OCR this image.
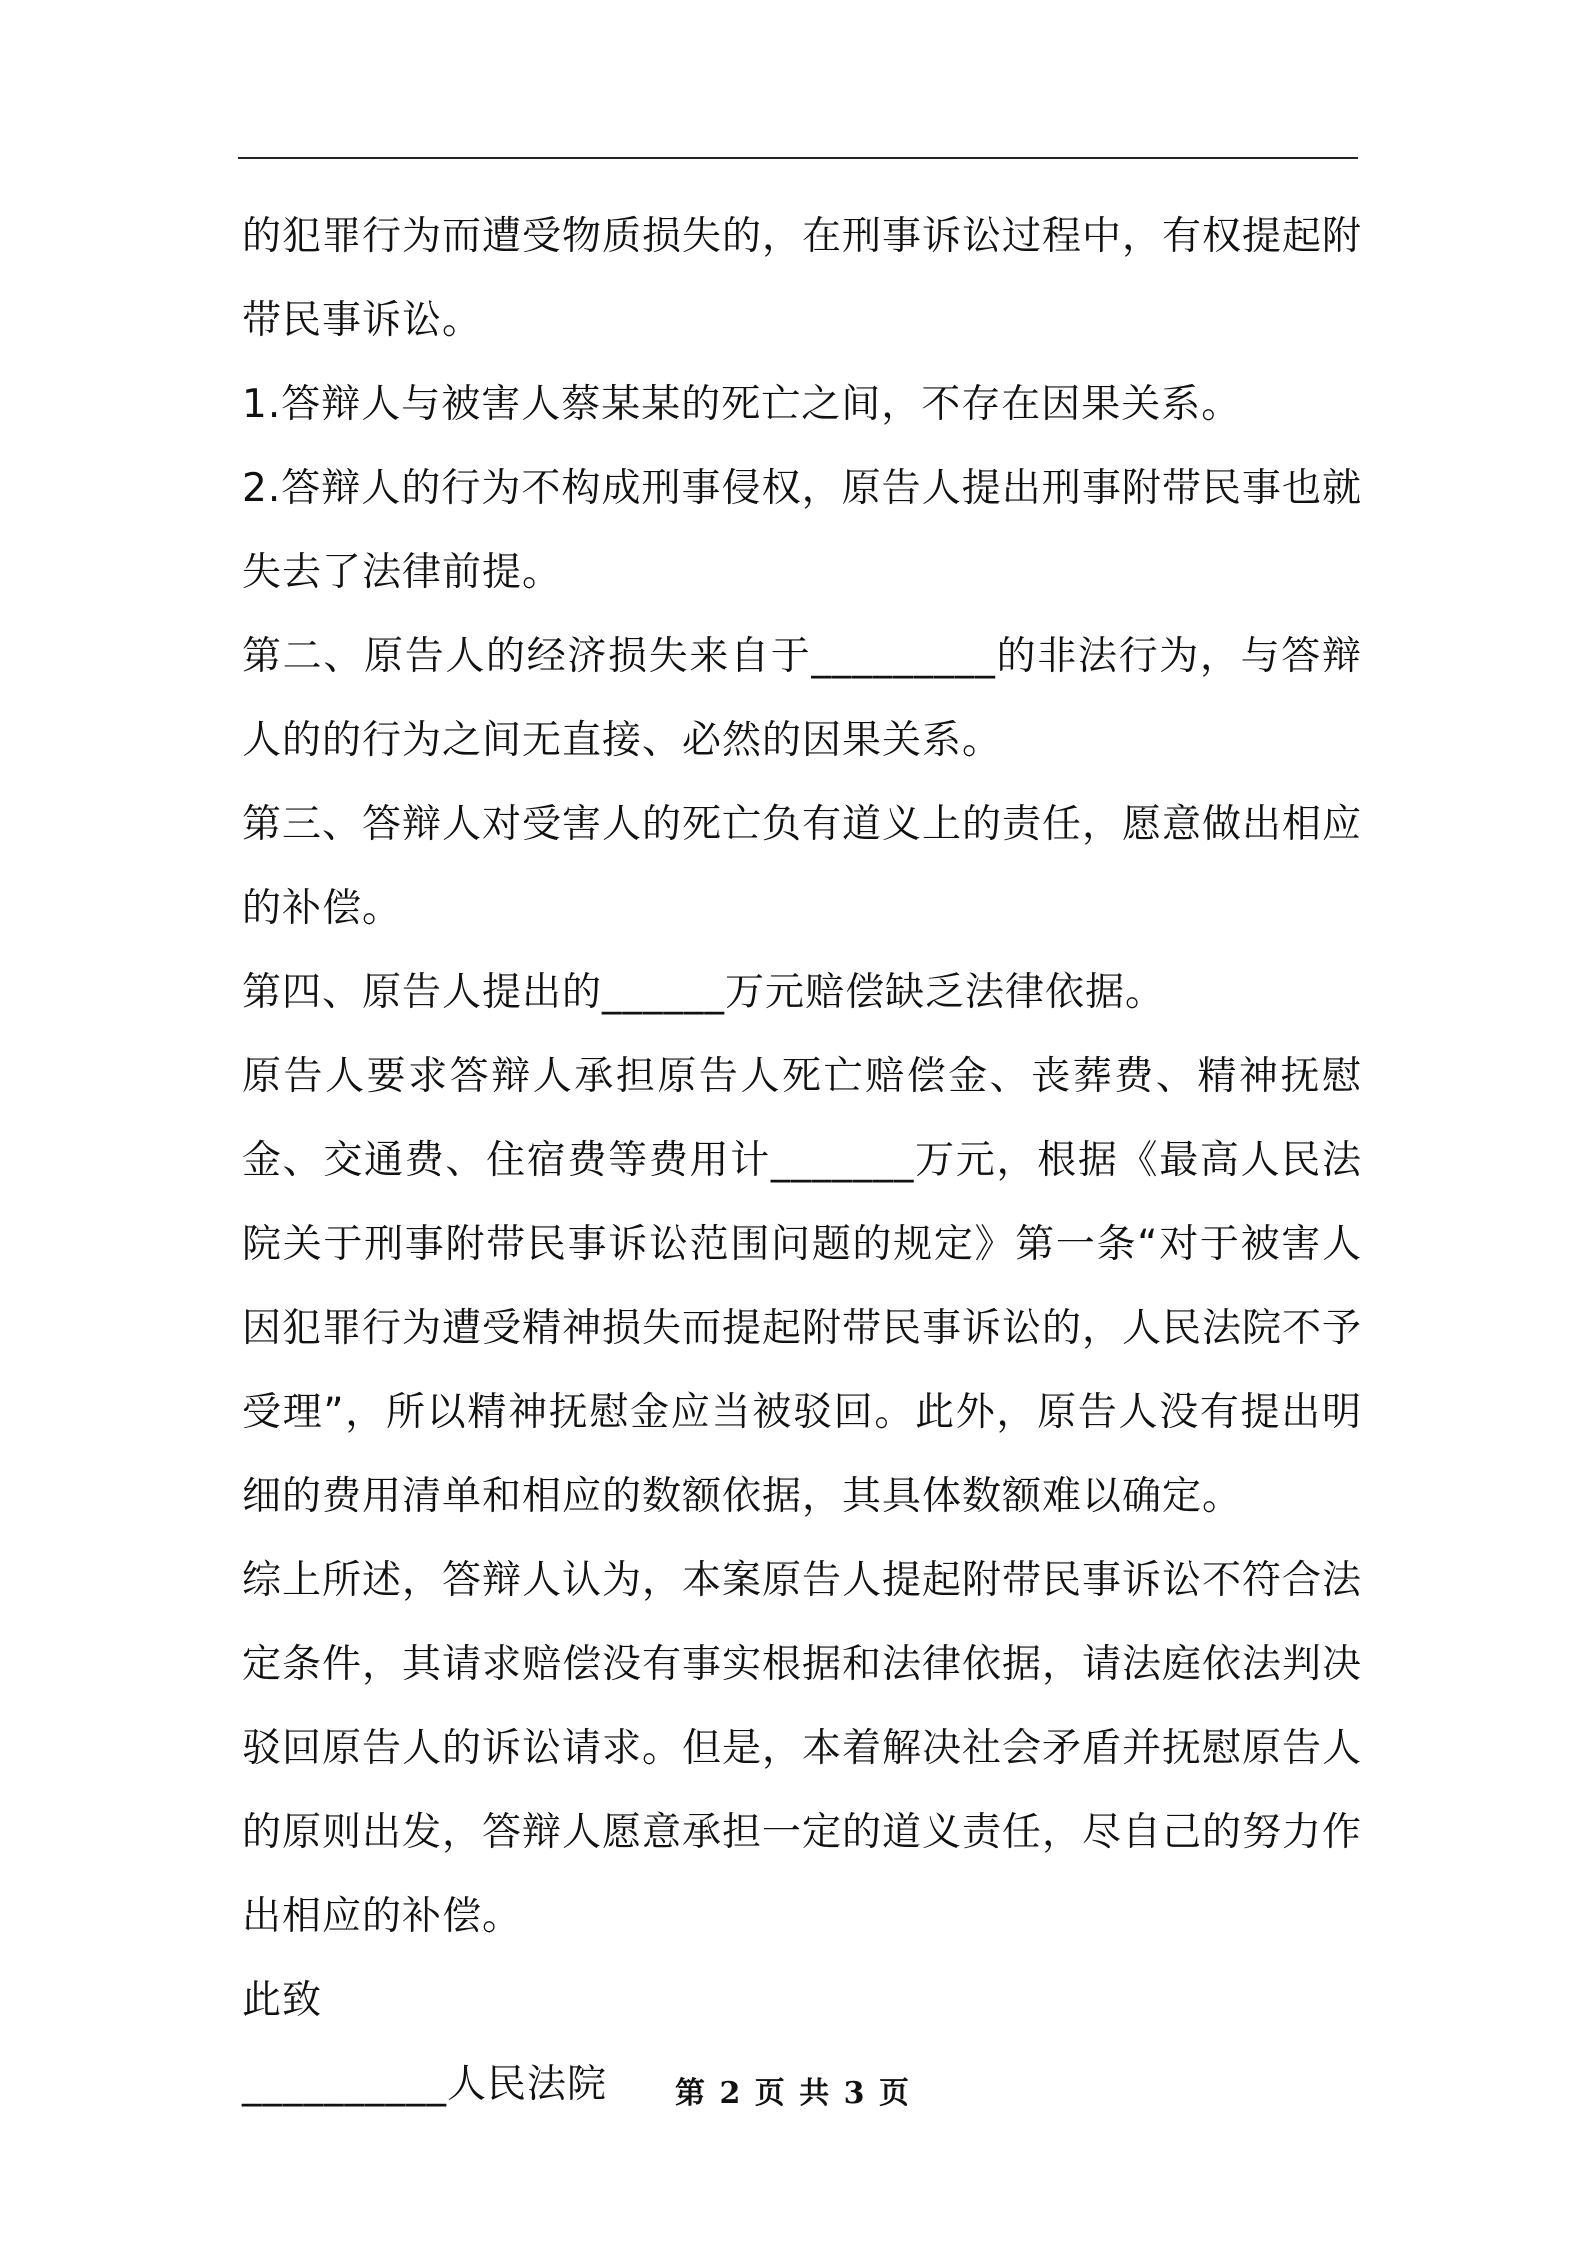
的犯罪行为而遭受物质损失的，在刑事诉讼过程中，有权提起附带民事诉讼。

1.答辩人与被害人蔡某某的死亡之间，不存在因果关系。

2.答辩人的行为不构成刑事侵权，原告人提出刑事附带民事也就失去了法律前提。

第二、原告人的经济损失来自于_________的非法行为，与答辩人的的行为之间无直接、必然的因果关系。

第三、答辩人对受害人的死亡负有道义上的责任，愿意做出相应的补偿。

第四、原告人提出的______万元赔偿缺乏法律依据。

原告人要求答辩人承担原告人死亡赔偿金、丧葬费、精神抚慰金、交通费、住宿费等费用计_______万元，根据《最高人民法院关于刑事附带民事诉讼范围问题的规定》第一条“对于被害人因犯罪行为遭受精神损失而提起附带民事诉讼的，人民法院不予受理”，所以精神抚慰金应当被驳回。此外，原告人没有提出明细的费用清单和相应的数额依据，其具体数额难以确定。

综上所述，答辩人认为，本案原告人提起附带民事诉讼不符合法定条件，其请求赔偿没有事实根据和法律依据，请法庭依法判决驳回原告人的诉讼请求。但是，本着解决社会矛盾并抚慰原告人的原则出发，答辩人愿意承担一定的道义责任，尽自己的努力作出相应的补偿。

此致

__________人民法院	第 2 页 共 3 页
